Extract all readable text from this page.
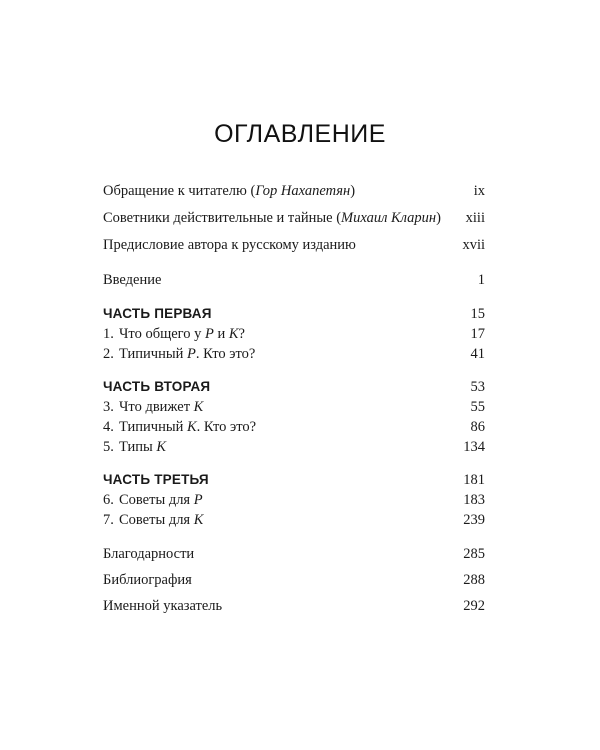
ОГЛАВЛЕНИЕ
Обращение к читателю (Гор Нахапетян)	ix
Советники действительные и тайные (Михаил Кларин) xiii
Предисловие автора к русскому изданию	xvii
Введение	1
ЧАСТЬ ПЕРВАЯ	15
1. Что общего у Р и К?	17
2. Типичный Р. Кто это?	41
ЧАСТЬ ВТОРАЯ	53
3. Что движет К	55
4. Типичный К. Кто это?	86
5. Типы К	134
ЧАСТЬ ТРЕТЬЯ	181
6. Советы для Р	183
7. Советы для К	239
Благодарности	285
Библиография	288
Именной указатель	292
